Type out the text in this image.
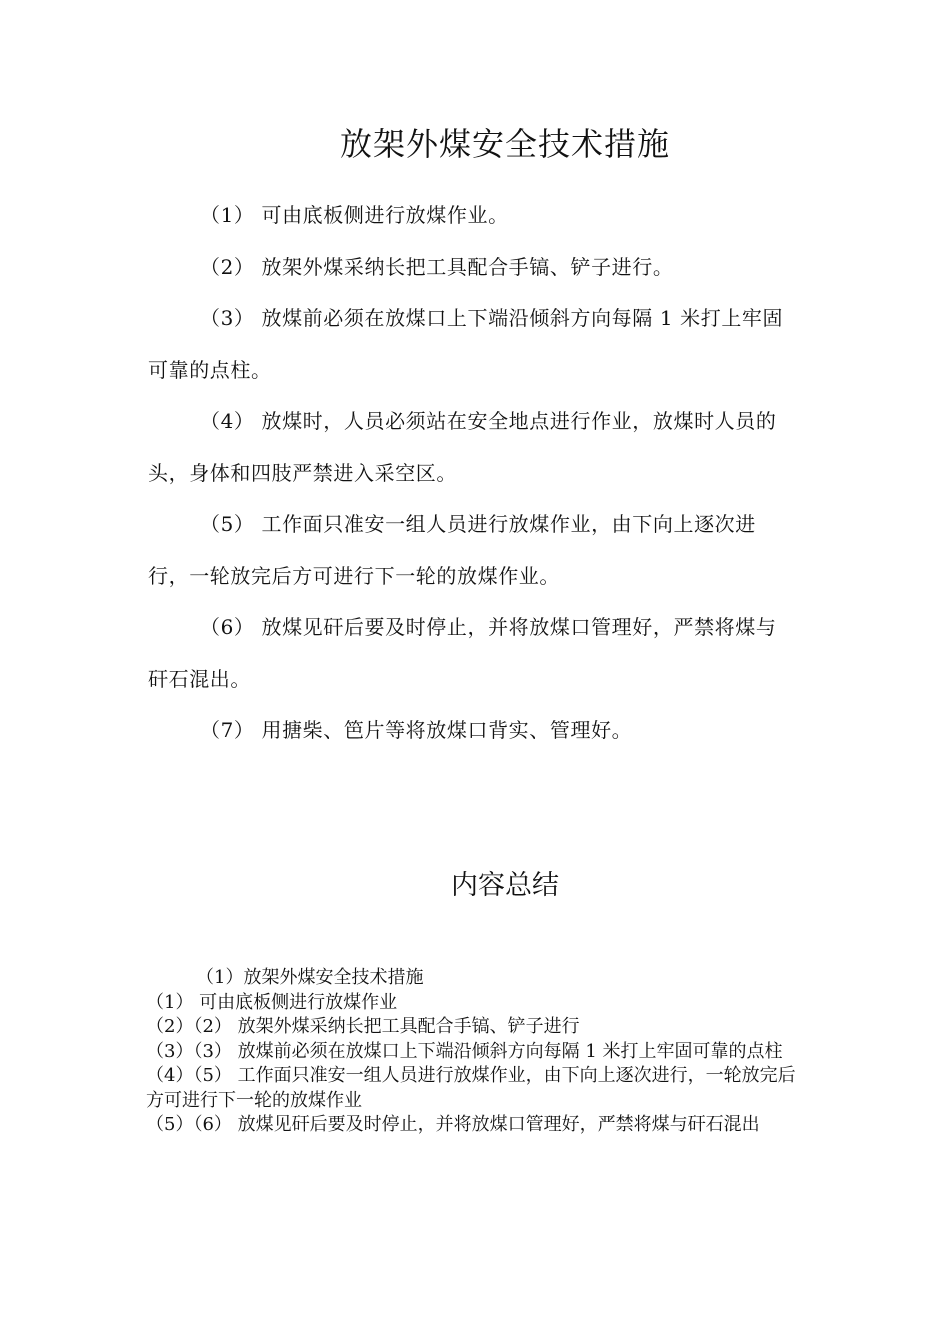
放架外煤安全技术措施

（1） 可由底板侧进行放煤作业。

（2） 放架外煤采纳长把工具配合手镐、铲子进行。

（3） 放煤前必须在放煤口上下端沿倾斜方向每隔 1 米打上牢固可靠的点柱。

（4） 放煤时，人员必须站在安全地点进行作业，放煤时人员的头，身体和四肢严禁进入采空区。

（5） 工作面只准安一组人员进行放煤作业，由下向上逐次进行，一轮放完后方可进行下一轮的放煤作业。

（6） 放煤见矸后要及时停止，并将放煤口管理好，严禁将煤与矸石混出。

（7） 用搪柴、笆片等将放煤口背实、管理好。

内容总结

（1）放架外煤安全技术措施

（1） 可由底板侧进行放煤作业

（2）（2） 放架外煤采纳长把工具配合手镐、铲子进行

（3）（3） 放煤前必须在放煤口上下端沿倾斜方向每隔 1 米打上牢固可靠的点柱

（4）（5） 工作面只准安一组人员进行放煤作业，由下向上逐次进行，一轮放完后方可进行下一轮的放煤作业

（5）（6） 放煤见矸后要及时停止，并将放煤口管理好，严禁将煤与矸石混出
